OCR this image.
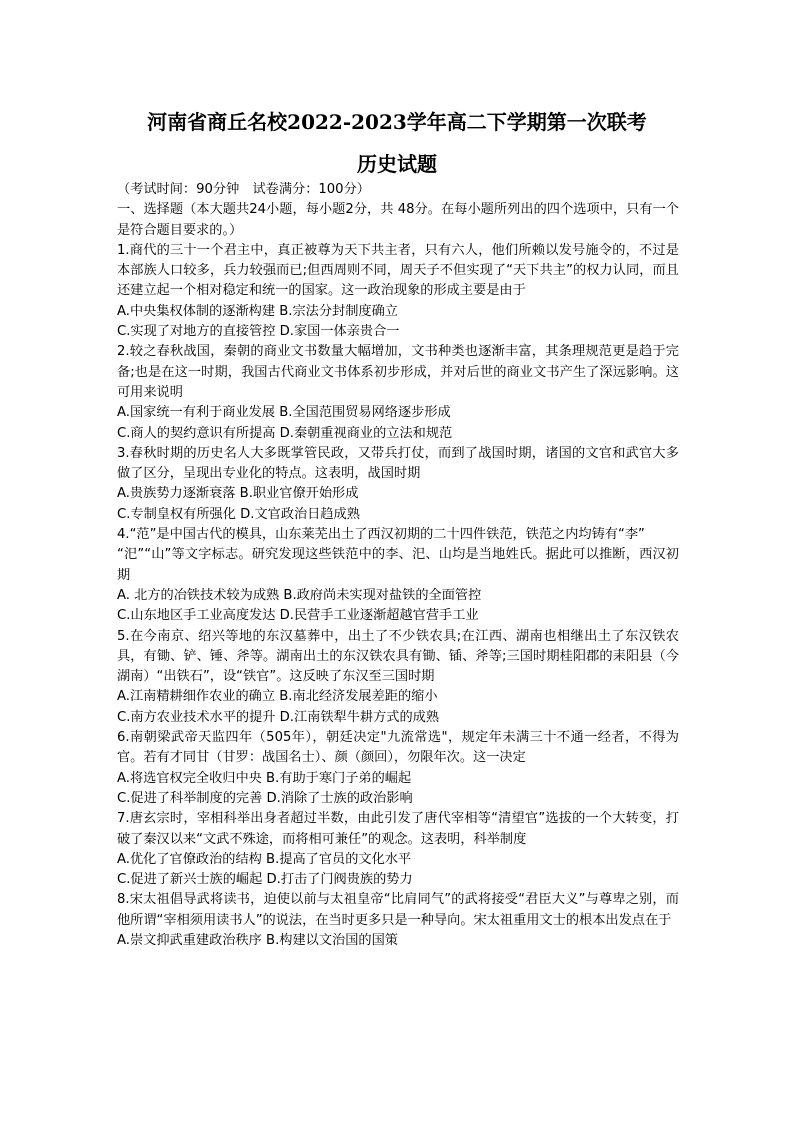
河南省商丘名校2022-2023学年高二下学期第一次联考
历史试题

（考试时间：90分钟　试卷满分：100分）

一、选择题（本大题共24小题，每小题2分，共 48分。在每小题所列出的四个选项中，只有一个是符合题目要求的。）

1.商代的三十一个君主中，真正被尊为天下共主者，只有六人，他们所赖以发号施令的，不过是本部族人口较多，兵力较强而已;但西周则不同，周天子不但实现了“天下共主”的权力认同，而且还建立起一个相对稳定和统一的国家。这一政治现象的形成主要是由于

A.中央集权体制的逐渐构建 B.宗法分封制度确立

C.实现了对地方的直接管控 D.家国一体亲贵合一

2.较之春秋战国，秦朝的商业文书数量大幅增加，文书种类也逐渐丰富，其条理规范更是趋于完备;也是在这一时期，我国古代商业文书体系初步形成，并对后世的商业文书产生了深远影响。这可用来说明

A.国家统一有利于商业发展 B.全国范围贸易网络逐步形成

C.商人的契约意识有所提高 D.秦朝重视商业的立法和规范

3.春秋时期的历史名人大多既掌管民政，又带兵打仗，而到了战国时期，诸国的文官和武官大多做了区分，呈现出专业化的特点。这表明，战国时期

A.贵族势力逐渐衰落 B.职业官僚开始形成

C.专制皇权有所强化 D.文官政治日趋成熟

4.“范”是中国古代的模具，山东莱芜出土了西汉初期的二十四件铁范，铁范之内均铸有“李”

“汜”“山”等文字标志。研究发现这些铁范中的李、汜、山均是当地姓氏。据此可以推断，西汉初期

A. 北方的冶铁技术较为成熟 B.政府尚未实现对盐铁的全面管控

C.山东地区手工业高度发达 D.民营手工业逐渐超越官营手工业

5.在今南京、绍兴等地的东汉墓葬中，出土了不少铁农具;在江西、湖南也相继出土了东汉铁农具，有锄、铲、锤、斧等。湖南出土的东汉铁农具有锄、锸、斧等;三国时期桂阳郡的耒阳县（今湖南）“出铁石”，设“铁官”。这反映了东汉至三国时期

A.江南精耕细作农业的确立 B.南北经济发展差距的缩小

C.南方农业技术水平的提升 D.江南铁犁牛耕方式的成熟

6.南朝梁武帝天监四年（505年），朝廷决定"九流常选"，规定年未满三十不通一经者，不得为官。若有才同甘（甘罗：战国名士）、颜（颜回），勿限年次。这一决定

A.将选官权完全收归中央 B.有助于寒门子弟的崛起

C.促进了科举制度的完善 D.消除了士族的政治影响

7.唐玄宗时，宰相科举出身者超过半数，由此引发了唐代宰相等“清望官”选拔的一个大转变，打破了秦汉以来“文武不殊途，而将相可兼任”的观念。这表明，科举制度

A.优化了官僚政治的结构 B.提高了官员的文化水平

C.促进了新兴士族的崛起 D.打击了门阀贵族的势力

8.宋太祖倡导武将读书，迫使以前与太祖皇帝“比肩同气”的武将接受“君臣大义”与尊卑之别，而他所谓“宰相须用读书人”的说法，在当时更多只是一种导向。宋太祖重用文士的根本出发点在于

A.崇文抑武重建政治秩序 B.构建以文治国的国策
